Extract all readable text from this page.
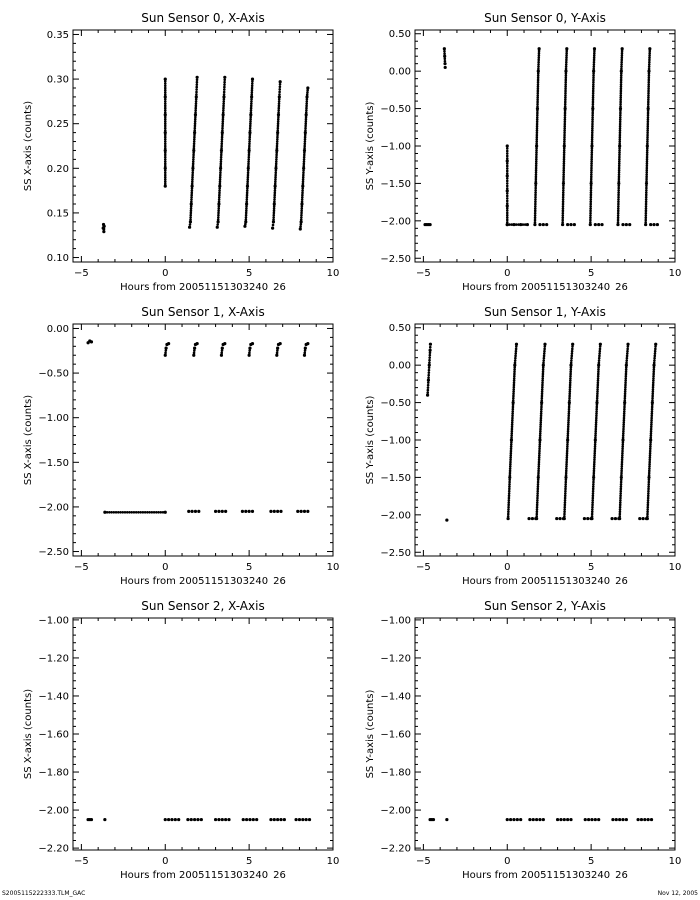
Sun Sensor 0, X-Axis
−5	0	5	10
0.10
0.15
0.20
0.25
0.30
0.35
Hours from 20051151303240 26
SS X-axis (counts)
Sun Sensor 0, Y-Axis
−5	0	5	10
−2.50
−2.00
−1.50
−1.00
−0.50
0.00
0.50
Hours from 20051151303240 26
SS Y-axis (counts)
Sun Sensor 1, X-Axis
−5	0	5	10
−2.50
−2.00
−1.50
−1.00
−0.50
0.00
Hours from 20051151303240 26
SS X-axis (counts)
Sun Sensor 1, Y-Axis
−5	0	5	10
−2.50
−2.00
−1.50
−1.00
−0.50
0.00
0.50
Hours from 20051151303240 26
SS Y-axis (counts)
Sun Sensor 2, X-Axis
−5	0	5	10
−2.20
−2.00
−1.80
−1.60
−1.40
−1.20
−1.00
Hours from 20051151303240 26
SS X-axis (counts)
Sun Sensor 2, Y-Axis
−5	0	5	10
−2.20
−2.00
−1.80
−1.60
−1.40
−1.20
−1.00
Hours from 20051151303240 26
SS Y-axis (counts)
S2005115222333.TLM_GAC	Nov 12, 2005
